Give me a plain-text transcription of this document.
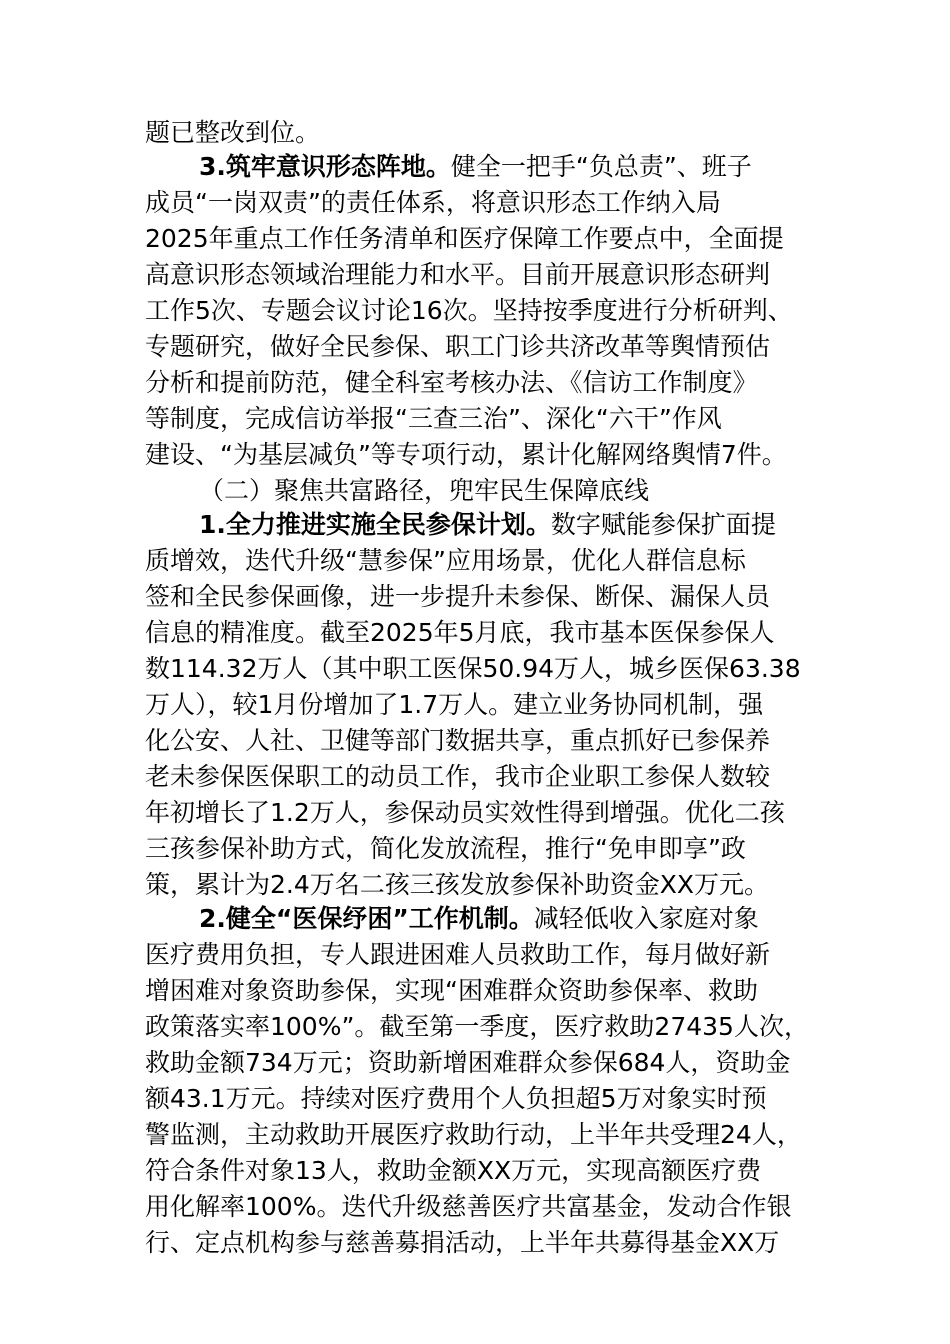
题已整改到位。
3.筑牢意识形态阵地。健全一把手“负总责”、班子
成员“一岗双责”的责任体系，将意识形态工作纳入局
2025年重点工作任务清单和医疗保障工作要点中，全面提
高意识形态领域治理能力和水平。目前开展意识形态研判
工作5次、专题会议讨论16次。坚持按季度进行分析研判、
专题研究，做好全民参保、职工门诊共济改革等舆情预估
分析和提前防范，健全科室考核办法、《信访工作制度》
等制度，完成信访举报“三查三治”、深化“六干”作风
建设、“为基层减负”等专项行动，累计化解网络舆情7件。
（二）聚焦共富路径，兜牢民生保障底线
1.全力推进实施全民参保计划。数字赋能参保扩面提
质增效，迭代升级“慧参保”应用场景，优化人群信息标
签和全民参保画像，进一步提升未参保、断保、漏保人员
信息的精准度。截至2025年5月底，我市基本医保参保人
数114.32万人（其中职工医保50.94万人，城乡医保63.38
万人），较1月份增加了1.7万人。建立业务协同机制，强
化公安、人社、卫健等部门数据共享，重点抓好已参保养
老未参保医保职工的动员工作，我市企业职工参保人数较
年初增长了1.2万人，参保动员实效性得到增强。优化二孩
三孩参保补助方式，简化发放流程，推行“免申即享”政
策，累计为2.4万名二孩三孩发放参保补助资金XX万元。
2.健全“医保纾困”工作机制。减轻低收入家庭对象
医疗费用负担，专人跟进困难人员救助工作，每月做好新
增困难对象资助参保，实现“困难群众资助参保率、救助
政策落实率100%”。截至第一季度，医疗救助27435人次，
救助金额734万元；资助新增困难群众参保684人，资助金
额43.1万元。持续对医疗费用个人负担超5万对象实时预
警监测，主动救助开展医疗救助行动，上半年共受理24人，
符合条件对象13人，救助金额XX万元，实现高额医疗费
用化解率100%。迭代升级慈善医疗共富基金，发动合作银
行、定点机构参与慈善募捐活动，上半年共募得基金XX万
